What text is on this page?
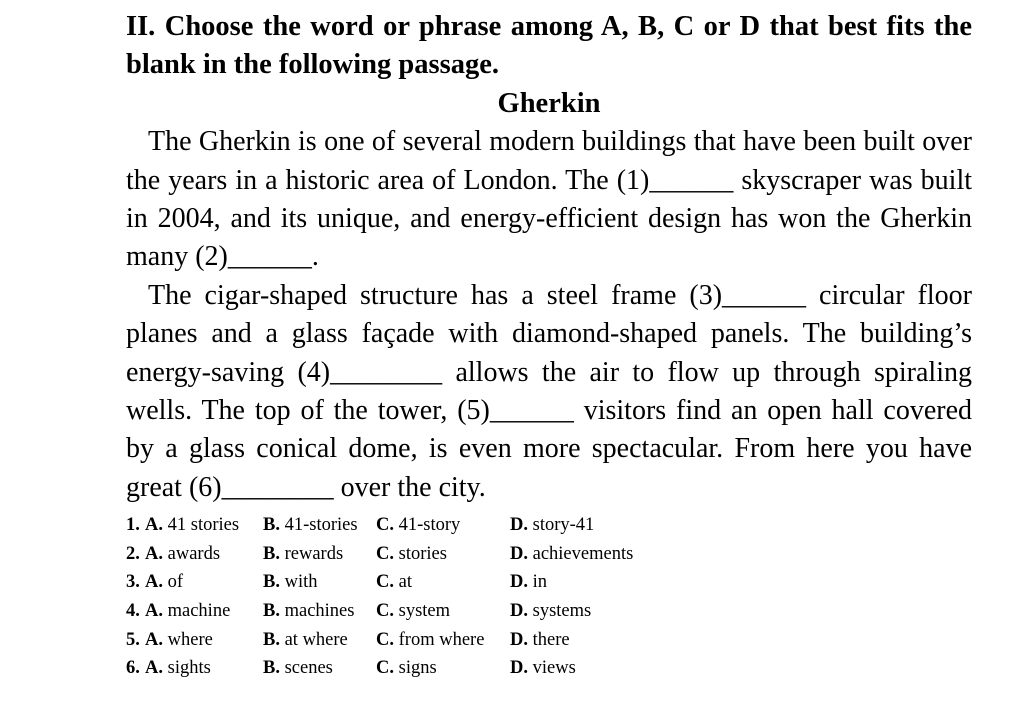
II. Choose the word or phrase among A, B, C or D that best fits the blank in the following passage.
Gherkin

The Gherkin is one of several modern buildings that have been built over the years in a historic area of London. The (1)______ skyscraper was built in 2004, and its unique, and energy-efficient design has won the Gherkin many (2)______.

The cigar-shaped structure has a steel frame (3)______ circular floor planes and a glass façade with diamond-shaped panels. The building’s energy-saving (4)________ allows the air to flow up through spiraling wells. The top of the tower, (5)______ visitors find an open hall covered by a glass conical dome, is even more spectacular. From here you have great (6)________ over the city.

1. A. 41 stories	B. 41-stories C. 41-story	D. story-41
2. A. awards	B. rewards	C. stories	D. achievements
3. A. of	B. with	C. at	D. in
4. A. machine	B. machines	C. system	D. systems
5. A. where	B. at where	C. from where	D. there
6. A. sights	B. scenes	C. signs	D. views
